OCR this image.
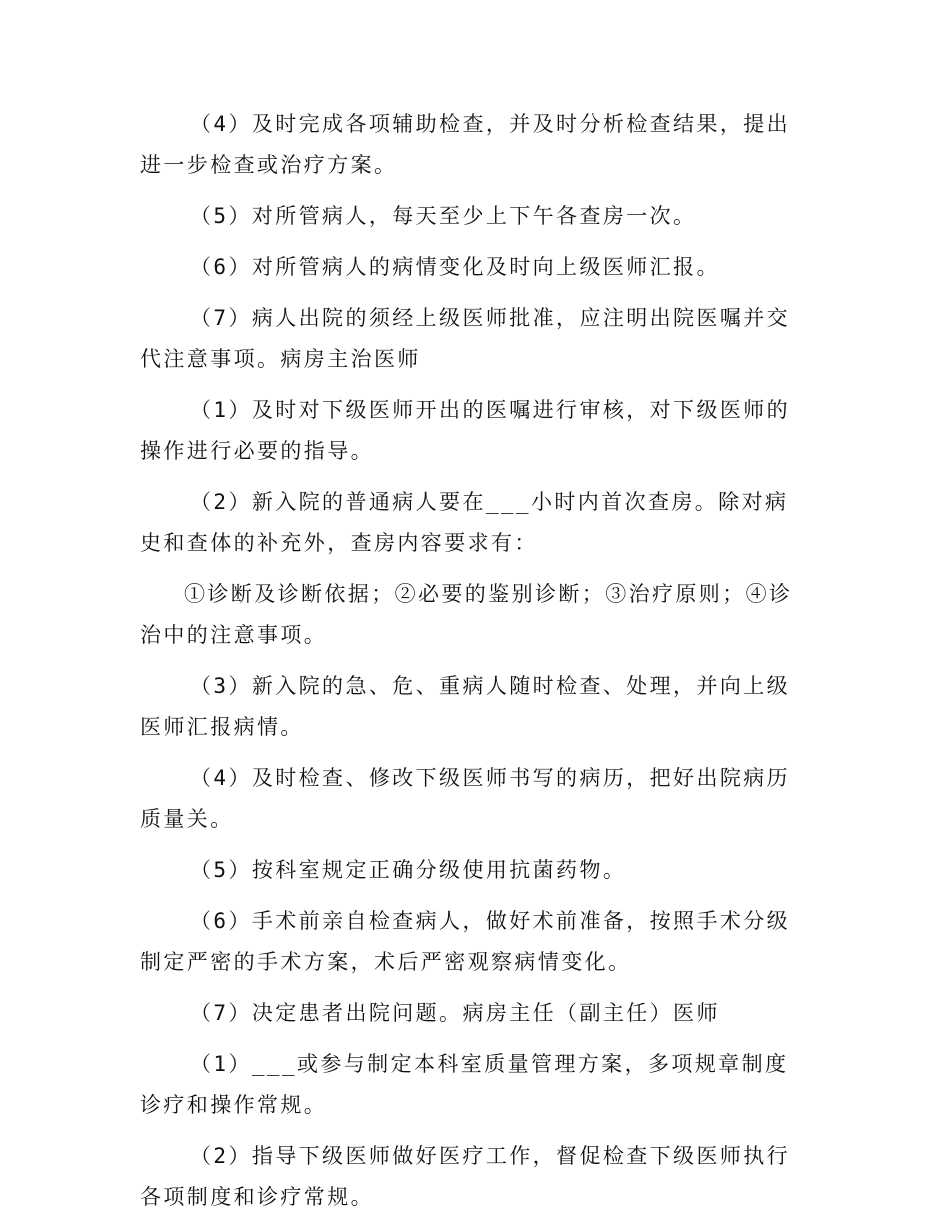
（4）及时完成各项辅助检查，并及时分析检查结果，提出进一步检查或治疗方案。

（5）对所管病人，每天至少上下午各查房一次。

（6）对所管病人的病情变化及时向上级医师汇报。

（7）病人出院的须经上级医师批准，应注明出院医嘱并交代注意事项。病房主治医师

（1）及时对下级医师开出的医嘱进行审核，对下级医师的操作进行必要的指导。

（2）新入院的普通病人要在___小时内首次查房。除对病史和查体的补充外，查房内容要求有：

①诊断及诊断依据；②必要的鉴别诊断；③治疗原则；④诊治中的注意事项。

（3）新入院的急、危、重病人随时检查、处理，并向上级医师汇报病情。

（4）及时检查、修改下级医师书写的病历，把好出院病历质量关。

（5）按科室规定正确分级使用抗菌药物。

（6）手术前亲自检查病人，做好术前准备，按照手术分级制定严密的手术方案，术后严密观察病情变化。

（7）决定患者出院问题。病房主任（副主任）医师

（1）___或参与制定本科室质量管理方案，多项规章制度诊疗和操作常规。

（2）指导下级医师做好医疗工作，督促检查下级医师执行各项制度和诊疗常规。
